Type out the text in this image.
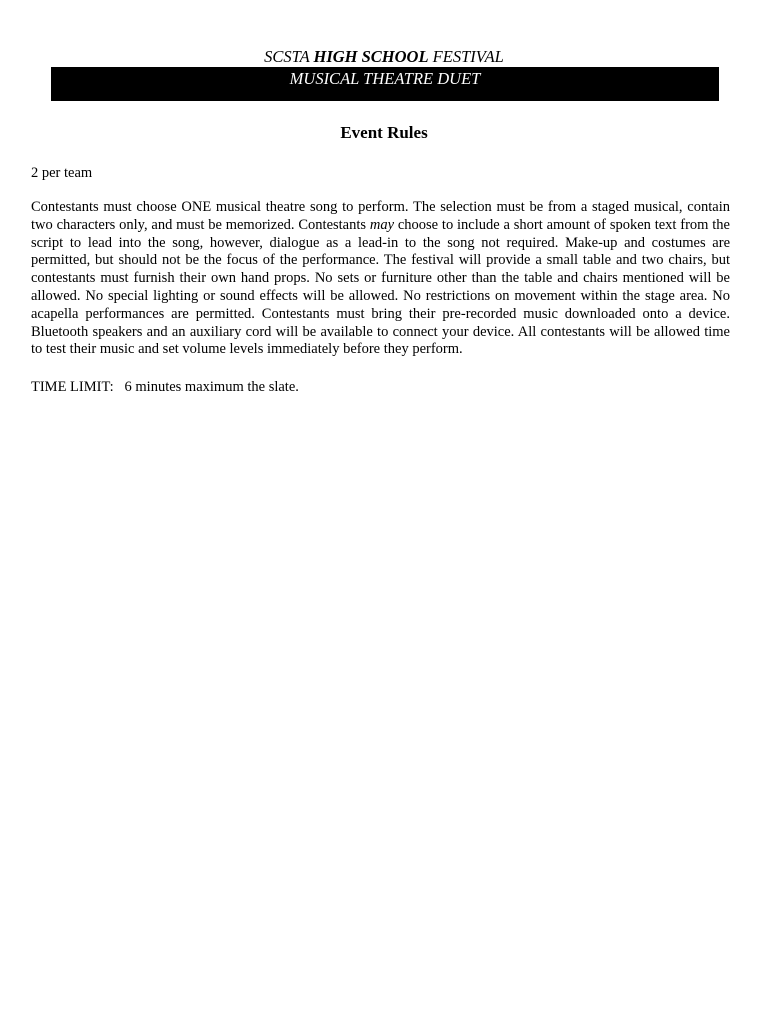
SCSTA HIGH SCHOOL FESTIVAL
MUSICAL THEATRE DUET
Event Rules
2 per team

Contestants must choose ONE musical theatre song to perform. The selection must be from a staged musical, contain two characters only, and must be memorized. Contestants may choose to include a short amount of spoken text from the script to lead into the song, however, dialogue as a lead-in to the song not required. Make-up and costumes are permitted, but should not be the focus of the performance. The festival will provide a small table and two chairs, but contestants must furnish their own hand props. No sets or furniture other than the table and chairs mentioned will be allowed. No special lighting or sound effects will be allowed. No restrictions on movement within the stage area. No acapella performances are permitted. Contestants must bring their pre-recorded music downloaded onto a device. Bluetooth speakers and an auxiliary cord will be available to connect your device. All contestants will be allowed time to test their music and set volume levels immediately before they perform.

TIME LIMIT: 6 minutes maximum the slate.
